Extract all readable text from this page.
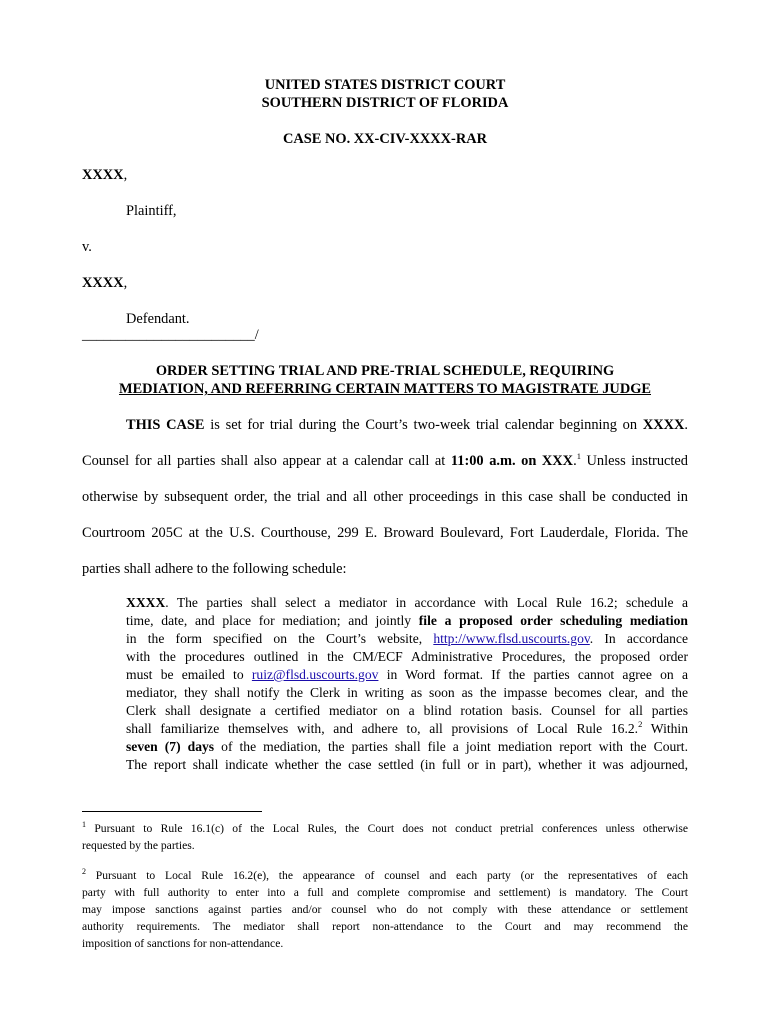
UNITED STATES DISTRICT COURT
SOUTHERN DISTRICT OF FLORIDA
CASE NO. XX-CIV-XXXX-RAR
XXXX,
Plaintiff,
v.
XXXX,
Defendant.
________________________/
ORDER SETTING TRIAL AND PRE-TRIAL SCHEDULE, REQUIRING
MEDIATION, AND REFERRING CERTAIN MATTERS TO MAGISTRATE JUDGE
THIS CASE is set for trial during the Court’s two-week trial calendar beginning on XXXX.
Counsel for all parties shall also appear at a calendar call at 11:00 a.m. on XXX.$^1$ Unless instructed
otherwise by subsequent order, the trial and all other proceedings in this case shall be conducted in
Courtroom 205C at the U.S. Courthouse, 299 E. Broward Boulevard, Fort Lauderdale, Florida. The
parties shall adhere to the following schedule:
XXXX. The parties shall select a mediator in accordance with Local Rule 16.2; schedule a
time, date, and place for mediation; and jointly file a proposed order scheduling mediation
in the form specified on the Court’s website, http://www.flsd.uscourts.gov. In accordance
with the procedures outlined in the CM/ECF Administrative Procedures, the proposed order
must be emailed to ruiz@flsd.uscourts.gov in Word format. If the parties cannot agree on a
mediator, they shall notify the Clerk in writing as soon as the impasse becomes clear, and the
Clerk shall designate a certified mediator on a blind rotation basis. Counsel for all parties
shall familiarize themselves with, and adhere to, all provisions of Local Rule 16.2.$^2$ Within
seven (7) days of the mediation, the parties shall file a joint mediation report with the Court.
The report shall indicate whether the case settled (in full or in part), whether it was adjourned,
$^1$ Pursuant to Rule 16.1(c) of the Local Rules, the Court does not conduct pretrial conferences unless otherwise
requested by the parties.
$^2$ Pursuant to Local Rule 16.2(e), the appearance of counsel and each party (or the representatives of each
party with full authority to enter into a full and complete compromise and settlement) is mandatory. The Court
may impose sanctions against parties and/or counsel who do not comply with these attendance or settlement
authority requirements. The mediator shall report non-attendance to the Court and may recommend the
imposition of sanctions for non-attendance.
